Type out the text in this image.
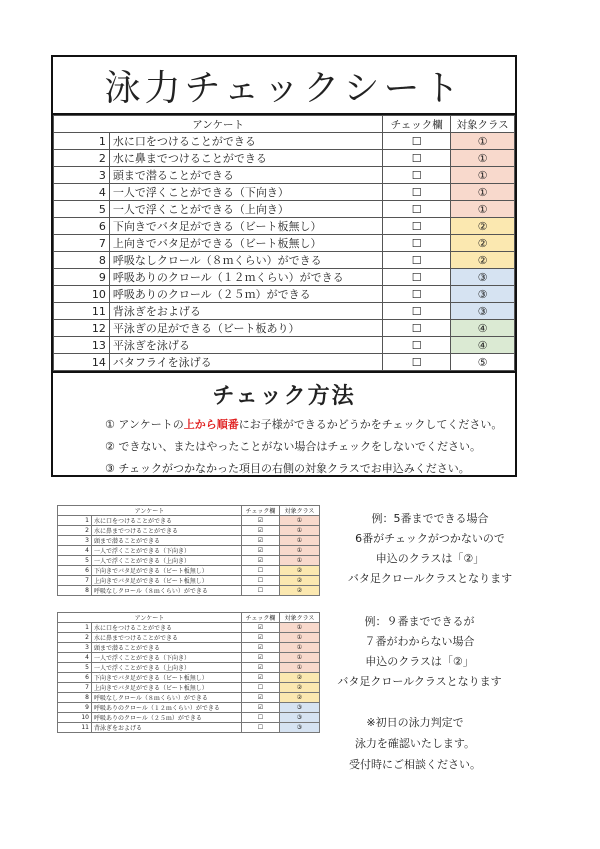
泳力チェックシート
アンケート		チェック欄	対象クラス
1	水に口をつけることができる	☐	①
2	水に鼻までつけることができる	☐	①
3	頭まで潜ることができる	☐	①
4	一人で浮くことができる（下向き）	☐	①
5	一人で浮くことができる（上向き）	☐	①
6	下向きでバタ足ができる（ビート板無し）	☐	②
7	上向きでバタ足ができる（ビート板無し）	☐	②
8	呼吸なしクロール（８ｍくらい）ができる	☐	②
9	呼吸ありのクロール（１２ｍくらい）ができる	☐	③
10	呼吸ありのクロール（２５ｍ）ができる	☐	③
11	背泳ぎをおよげる	☐	③
12	平泳ぎの足ができる（ビート板あり）	☐	④
13	平泳ぎを泳げる	☐	④
14	バタフライを泳げる	☐	⑤
チェック方法
① アンケートの上から順番にお子様ができるかどうかをチェックしてください。
② できない、またはやったことがない場合はチェックをしないでください。
③ チェックがつかなかった項目の右側の対象クラスでお申込みください。
アンケート		チェック欄	対象クラス
1	水に口をつけることができる	☑	①
2	水に鼻までつけることができる	☑	①
3	頭まで潜ることができる	☑	①
4	一人で浮くことができる（下向き）	☑	①
5	一人で浮くことができる（上向き）	☑	①
6	下向きでバタ足ができる（ビート板無し）	☐	②
7	上向きでバタ足ができる（ビート板無し）	☐	②
8	呼吸なしクロール（８ｍくらい）ができる	☐	②
例：5番までできる場合
6番がチェックがつかないので
申込のクラスは「②」
バタ足クロールクラスとなります
アンケート		チェック欄	対象クラス
1	水に口をつけることができる	☑	①
2	水に鼻までつけることができる	☑	①
3	頭まで潜ることができる	☑	①
4	一人で浮くことができる（下向き）	☑	①
5	一人で浮くことができる（上向き）	☑	①
6	下向きでバタ足ができる（ビート板無し）	☑	②
7	上向きでバタ足ができる（ビート板無し）	☐	②
8	呼吸なしクロール（８ｍくらい）ができる	☑	②
9	呼吸ありのクロール（１２ｍくらい）ができる	☑	③
10	呼吸ありのクロール（２５ｍ）ができる	☐	③
11	背泳ぎをおよげる	☐	③
例：９番までできるが
７番がわからない場合
申込のクラスは「②」
バタ足クロールクラスとなります
※初日の泳力判定で
泳力を確認いたします。
受付時にご相談ください。
